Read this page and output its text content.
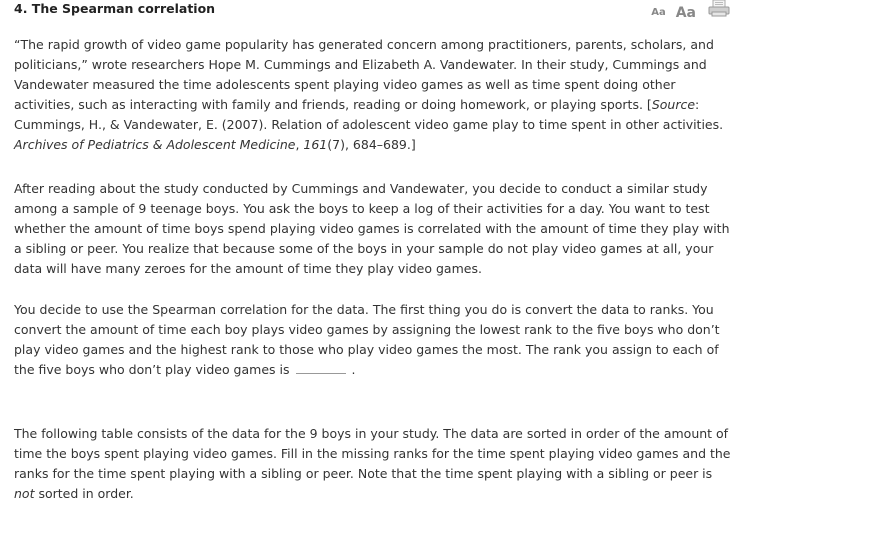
4. The Spearman correlation	Aa Aa

“The rapid growth of video game popularity has generated concern among practitioners, parents, scholars, and politicians,” wrote researchers Hope M. Cummings and Elizabeth A. Vandewater. In their study, Cummings and Vandewater measured the time adolescents spent playing video games as well as time spent doing other activities, such as interacting with family and friends, reading or doing homework, or playing sports. [Source: Cummings, H., & Vandewater, E. (2007). Relation of adolescent video game play to time spent in other activities. Archives of Pediatrics & Adolescent Medicine, 161(7), 684–689.]

After reading about the study conducted by Cummings and Vandewater, you decide to conduct a similar study among a sample of 9 teenage boys. You ask the boys to keep a log of their activities for a day. You want to test whether the amount of time boys spend playing video games is correlated with the amount of time they play with a sibling or peer. You realize that because some of the boys in your sample do not play video games at all, your data will have many zeroes for the amount of time they play video games.

You decide to use the Spearman correlation for the data. The first thing you do is convert the data to ranks. You convert the amount of time each boy plays video games by assigning the lowest rank to the five boys who don’t play video games and the highest rank to those who play video games the most. The rank you assign to each of the five boys who don’t play video games is	.

The following table consists of the data for the 9 boys in your study. The data are sorted in order of the amount of time the boys spent playing video games. Fill in the missing ranks for the time spent playing video games and the ranks for the time spent playing with a sibling or peer. Note that the time spent playing with a sibling or peer is not sorted in order.
